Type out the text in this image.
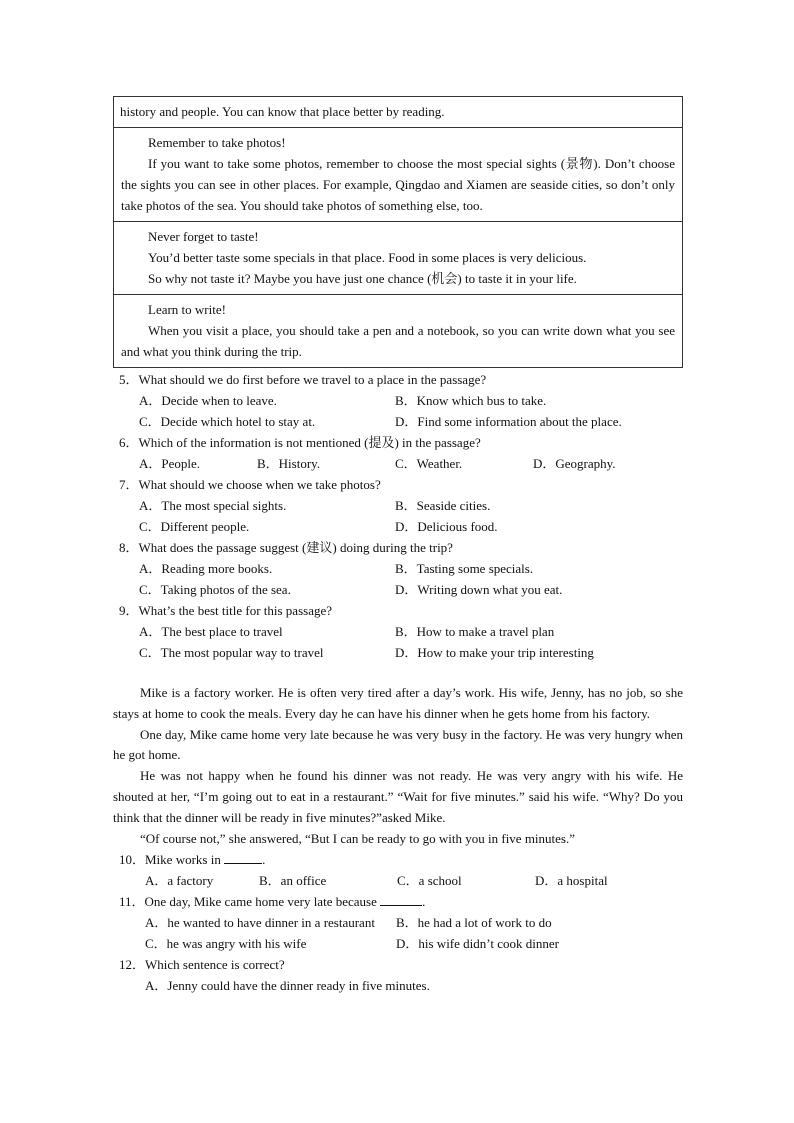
history and people. You can know that place better by reading.

Remember to take photos!

If you want to take some photos, remember to choose the most special sights (景物). Don’t choose the sights you can see in other places. For example, Qingdao and Xiamen are seaside cities, so don’t only take photos of the sea. You should take photos of something else, too.

Never forget to taste!

You’d better taste some specials in that place. Food in some places is very delicious.

So why not taste it? Maybe you have just one chance (机会) to taste it in your life.

Learn to write!

When you visit a place, you should take a pen and a notebook, so you can write down what you see and what you think during the trip.

5．What should we do first before we travel to a place in the passage?

A．Decide when to leave.	B．Know which bus to take.
C．Decide which hotel to stay at.	D．Find some information about the place.

6．Which of the information is not mentioned (提及) in the passage?

A．People.	B．History.	C．Weather.	D．Geography.

7．What should we choose when we take photos?

A．The most special sights.	B．Seaside cities.
C．Different people.	D．Delicious food.

8．What does the passage suggest (建议) doing during the trip?

A．Reading more books.	B．Tasting some specials.
C．Taking photos of the sea.	D．Writing down what you eat.

9．What’s the best title for this passage?

A．The best place to travel	B．How to make a travel plan
C．The most popular way to travel	D．How to make your trip interesting

Mike is a factory worker. He is often very tired after a day’s work. His wife, Jenny, has no job, so she stays at home to cook the meals. Every day he can have his dinner when he gets home from his factory.

One day, Mike came home very late because he was very busy in the factory. He was very hungry when he got home.

He was not happy when he found his dinner was not ready. He was very angry with his wife. He shouted at her, “I’m going out to eat in a restaurant.” “Wait for five minutes.” said his wife. “Why? Do you think that the dinner will be ready in five minutes?”asked Mike.

“Of course not,” she answered, “But I can be ready to go with you in five minutes.”

10．Mike works in	.

A．a factory	B．an office	C．a school	D．a hospital

11．One day, Mike came home very late because	.

A．he wanted to have dinner in a restaurant	B．he had a lot of work to do
C．he was angry with his wife	D．his wife didn’t cook dinner

12．Which sentence is correct?

A．Jenny could have the dinner ready in five minutes.
